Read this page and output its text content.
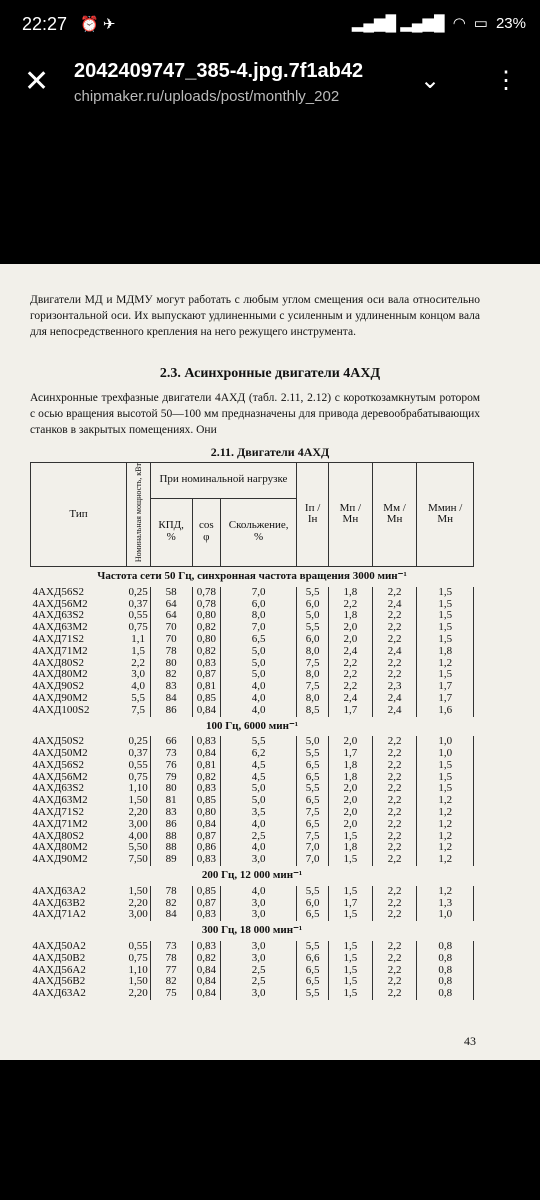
22:27 ⏰ ✈	▂▄▆█ ▂▄▆█ ◠ ▭ 23%
✕ 2042409747_385-4.jpg.7f1ab42
chipmaker.ru/uploads/post/monthly_202
⌄ ⋮
Двигатели МД и МДМУ могут работать с любым углом смещения оси вала относительно горизонтальной оси. Их выпускают удлиненными с усиленным и удлиненным концом вала для непосредственного крепления на него режущего инструмента.
2.3. Асинхронные двигатели 4АХД
Асинхронные трехфазные двигатели 4АХД (табл. 2.11, 2.12) с короткозамкнутым ротором с осью вращения высотой 50—100 мм предназначены для привода деревообрабатывающих станков в закрытых помещениях. Они
2.11. Двигатели 4АХД
Тип	Номинальная мощность, кВт	При номинальной нагрузке			Iп / Iн	Мп / Мн	Мм / Мн	Ммин / Мн
		КПД, %	cos φ	Скольжение, %				
Частота сети 50 Гц, синхронная частота вращения 3000 мин⁻¹								
4АХД56S2	0,25	58	0,78	7,0	5,5	1,8	2,2	1,5
4АХД56М2	0,37	64	0,78	6,0	6,0	2,2	2,4	1,5
4АХД63S2	0,55	64	0,80	8,0	5,0	1,8	2,2	1,5
4АХД63М2	0,75	70	0,82	7,0	5,5	2,0	2,2	1,5
4АХД71S2	1,1	70	0,80	6,5	6,0	2,0	2,2	1,5
4АХД71М2	1,5	78	0,82	5,0	8,0	2,4	2,4	1,8
4АХД80S2	2,2	80	0,83	5,0	7,5	2,2	2,2	1,2
4АХД80М2	3,0	82	0,87	5,0	8,0	2,2	2,2	1,5
4АХД90S2	4,0	83	0,81	4,0	7,5	2,2	2,3	1,7
4АХД90М2	5,5	84	0,85	4,0	8,0	2,4	2,4	1,7
4АХД100S2	7,5	86	0,84	4,0	8,5	1,7	2,4	1,6
100 Гц, 6000 мин⁻¹								
4АХД50S2	0,25	66	0,83	5,5	5,0	2,0	2,2	1,0
4АХД50М2	0,37	73	0,84	6,2	5,5	1,7	2,2	1,0
4АХД56S2	0,55	76	0,81	4,5	6,5	1,8	2,2	1,5
4АХД56М2	0,75	79	0,82	4,5	6,5	1,8	2,2	1,5
4АХД63S2	1,10	80	0,83	5,0	5,5	2,0	2,2	1,5
4АХД63М2	1,50	81	0,85	5,0	6,5	2,0	2,2	1,2
4АХД71S2	2,20	83	0,80	3,5	7,5	2,0	2,2	1,2
4АХД71М2	3,00	86	0,84	4,0	6,5	2,0	2,2	1,2
4АХД80S2	4,00	88	0,87	2,5	7,5	1,5	2,2	1,2
4АХД80М2	5,50	88	0,86	4,0	7,0	1,8	2,2	1,2
4АХД90М2	7,50	89	0,83	3,0	7,0	1,5	2,2	1,2
200 Гц, 12 000 мин⁻¹								
4АХД63А2	1,50	78	0,85	4,0	5,5	1,5	2,2	1,2
4АХД63В2	2,20	82	0,87	3,0	6,0	1,7	2,2	1,3
4АХД71А2	3,00	84	0,83	3,0	6,5	1,5	2,2	1,0
300 Гц, 18 000 мин⁻¹								
4АХД50А2	0,55	73	0,83	3,0	5,5	1,5	2,2	0,8
4АХД50В2	0,75	78	0,82	3,0	6,6	1,5	2,2	0,8
4АХД56А2	1,10	77	0,84	2,5	6,5	1,5	2,2	0,8
4АХД56В2	1,50	82	0,84	2,5	6,5	1,5	2,2	0,8
4АХД63А2	2,20	75	0,84	3,0	5,5	1,5	2,2	0,8
43
